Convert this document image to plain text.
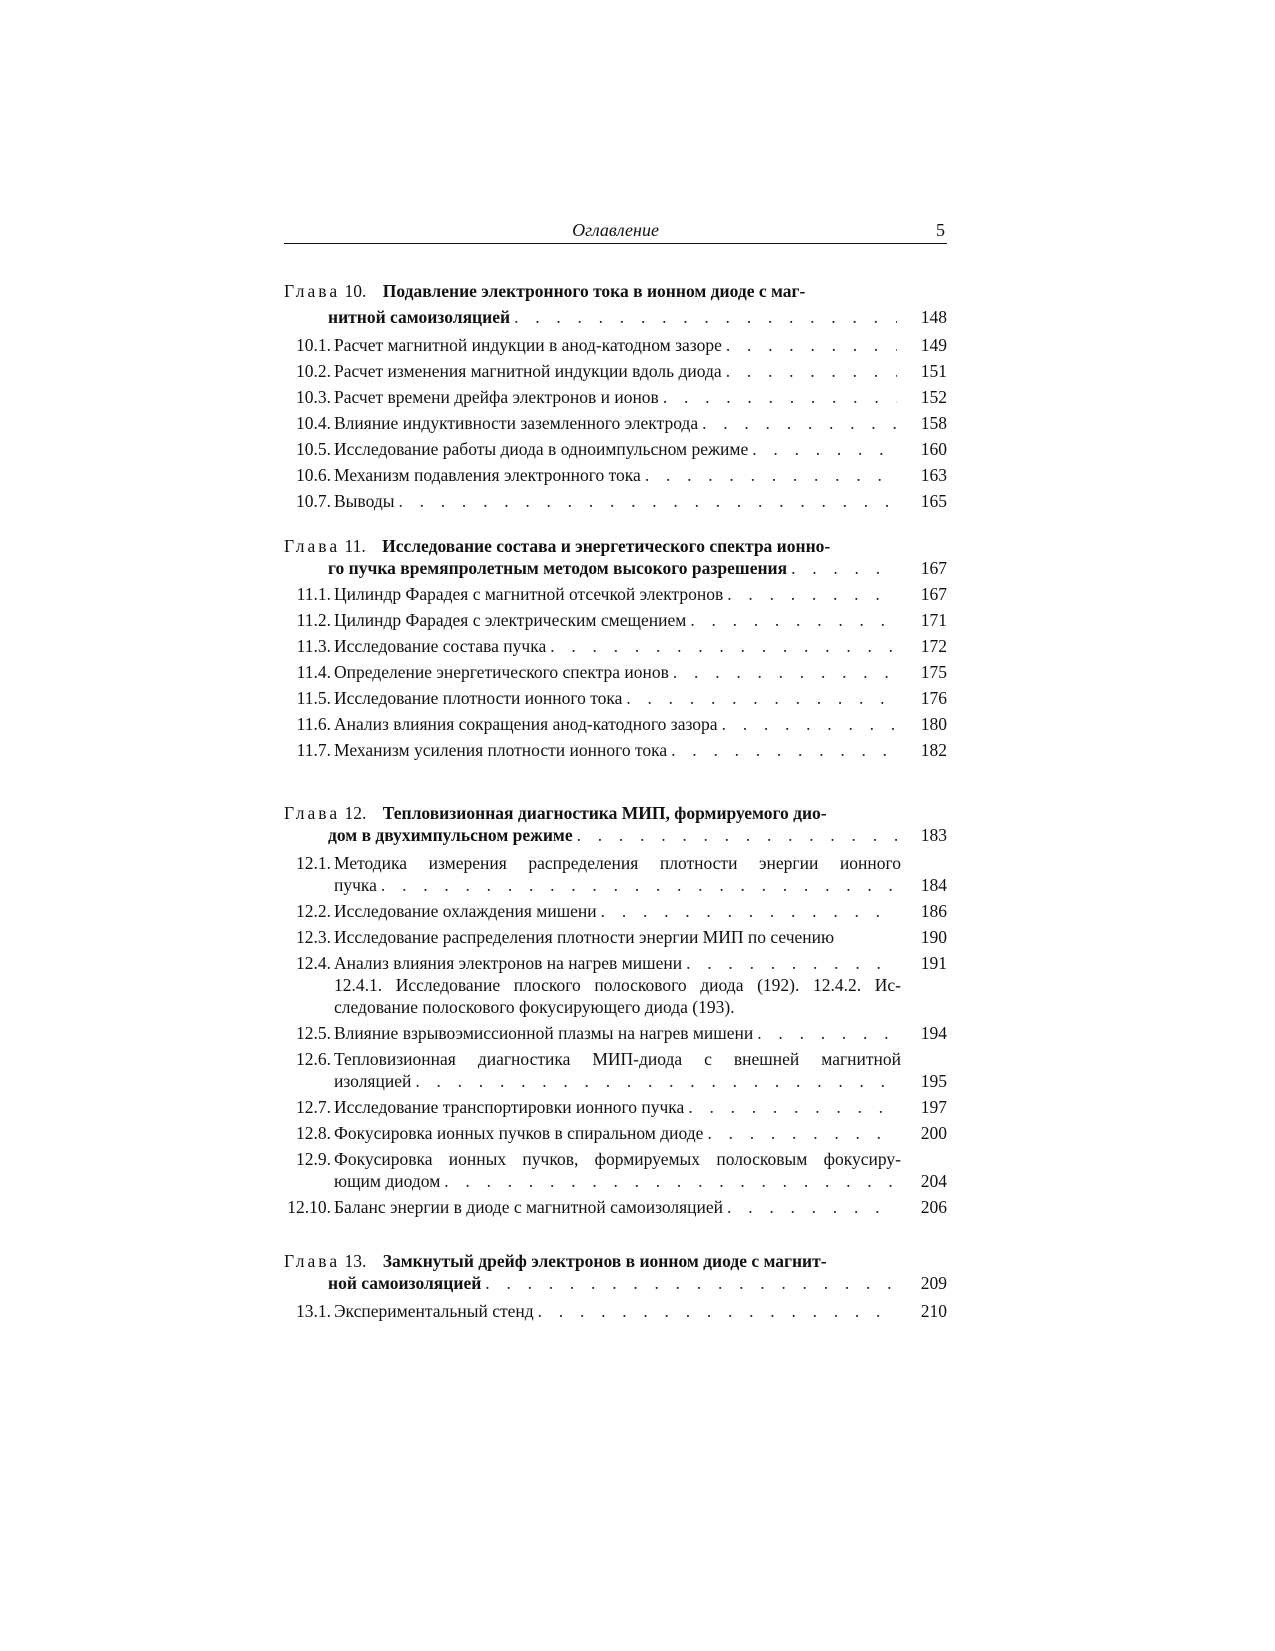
Оглавление	5
Глава 10. Подавление электронного тока в ионном диоде с маг-
нитной самоизоляцией . . .	148
10.1. Расчет магнитной индукции в анод-катодном зазоре . . .	149
10.2. Расчет изменения магнитной индукции вдоль диода . . .	151
10.3. Расчет времени дрейфа электронов и ионов . . .	152
10.4. Влияние индуктивности заземленного электрода . . .	158
10.5. Исследование работы диода в одноимпульсном режиме . . .	160
10.6. Механизм подавления электронного тока . . .	163
10.7. Выводы . . .	165
Глава 11. Исследование состава и энергетического спектра ионно-
го пучка времяпролетным методом высокого разрешения . . .	167
11.1. Цилиндр Фарадея с магнитной отсечкой электронов . . .	167
11.2. Цилиндр Фарадея с электрическим смещением . . .	171
11.3. Исследование состава пучка . . .	172
11.4. Определение энергетического спектра ионов . . .	175
11.5. Исследование плотности ионного тока . . .	176
11.6. Анализ влияния сокращения анод-катодного зазора . . .	180
11.7. Механизм усиления плотности ионного тока . . .	182
Глава 12. Тепловизионная диагностика МИП, формируемого дио-
дом в двухимпульсном режиме . . .	183
12.1. Методика измерения распределения плотности энергии ионного
пучка . . .	184
12.2. Исследование охлаждения мишени . . .	186
12.3. Исследование распределения плотности энергии МИП по сечению	190
12.4. Анализ влияния электронов на нагрев мишени . . .	191
12.4.1. Исследование плоского полоскового диода (192). 12.4.2. Ис-
следование полоскового фокусирующего диода (193).
12.5. Влияние взрывоэмиссионной плазмы на нагрев мишени . . .	194
12.6. Тепловизионная диагностика МИП-диода с внешней магнитной
изоляцией . . .	195
12.7. Исследование транспортировки ионного пучка . . .	197
12.8. Фокусировка ионных пучков в спиральном диоде . . .	200
12.9. Фокусировка ионных пучков, формируемых полосковым фокусиру-
ющим диодом . . .	204
12.10. Баланс энергии в диоде с магнитной самоизоляцией . . .	206
Глава 13. Замкнутый дрейф электронов в ионном диоде с магнит-
ной самоизоляцией . . .	209
13.1. Экспериментальный стенд . . .	210
